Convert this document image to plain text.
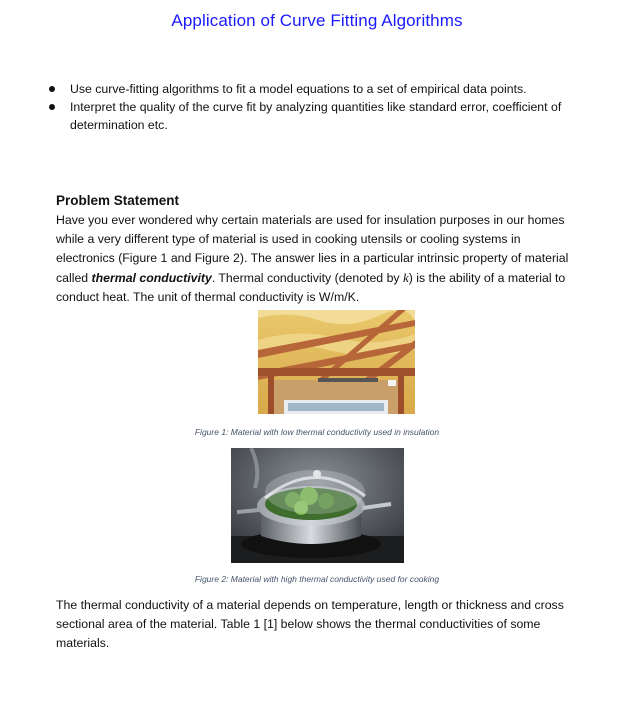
Application of Curve Fitting Algorithms
Use curve-fitting algorithms to fit a model equations to a set of empirical data points.
Interpret the quality of the curve fit by analyzing quantities like standard error, coefficient of determination etc.
Problem Statement

Have you ever wondered why certain materials are used for insulation purposes in our homes while a very different type of material is used in cooking utensils or cooling systems in electronics (Figure 1 and Figure 2). The answer lies in a particular intrinsic property of material called thermal conductivity. Thermal conductivity (denoted by k) is the ability of a material to conduct heat. The unit of thermal conductivity is W/m/K.

Figure 1: Material with low thermal conductivity used in insulation
Figure 2: Material with high thermal conductivity used for cooking

The thermal conductivity of a material depends on temperature, length or thickness and cross sectional area of the material. Table 1 [1] below shows the thermal conductivities of some materials.
